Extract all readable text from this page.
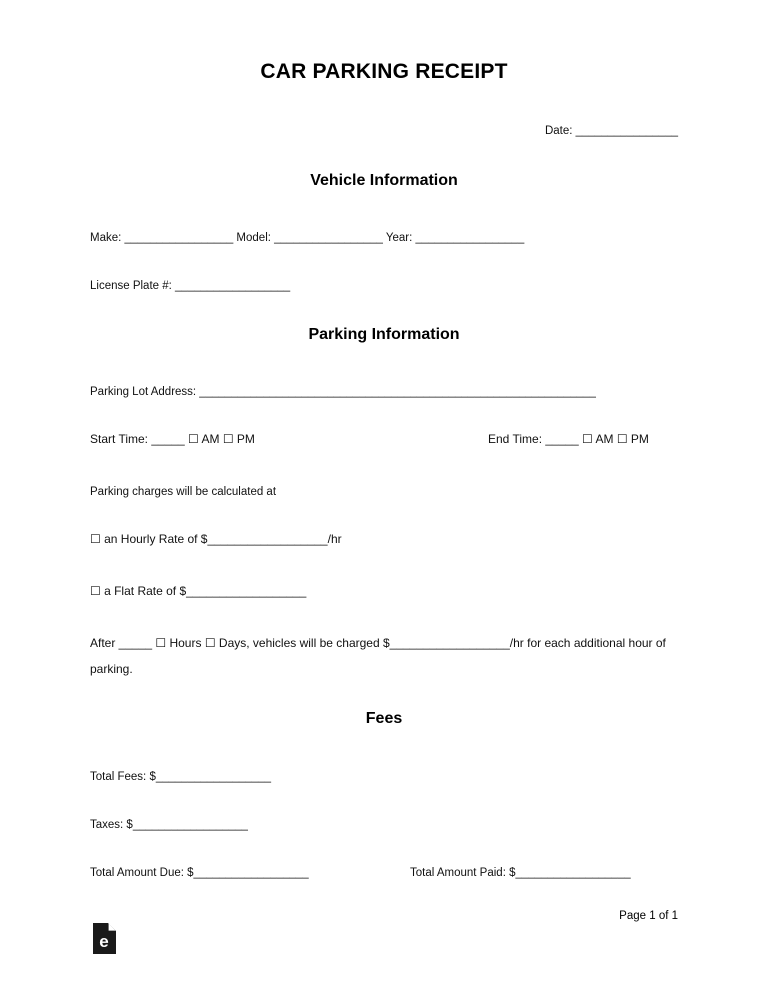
CAR PARKING RECEIPT
Date: ________________
Vehicle Information
Make: _________________ Model: _________________ Year: _________________
License Plate #: __________________
Parking Information
Parking Lot Address: ______________________________________________________________
Start Time: _____ ☐ AM ☐ PM	End Time: _____ ☐ AM ☐ PM
Parking charges will be calculated at
☐ an Hourly Rate of $__________________/hr
☐ a Flat Rate of $__________________
After _____ ☐ Hours ☐ Days, vehicles will be charged $__________________/hr for each additional hour of parking.
Fees
Total Fees: $__________________
Taxes: $__________________
Total Amount Due: $__________________	Total Amount Paid: $__________________
Page 1 of 1
e
